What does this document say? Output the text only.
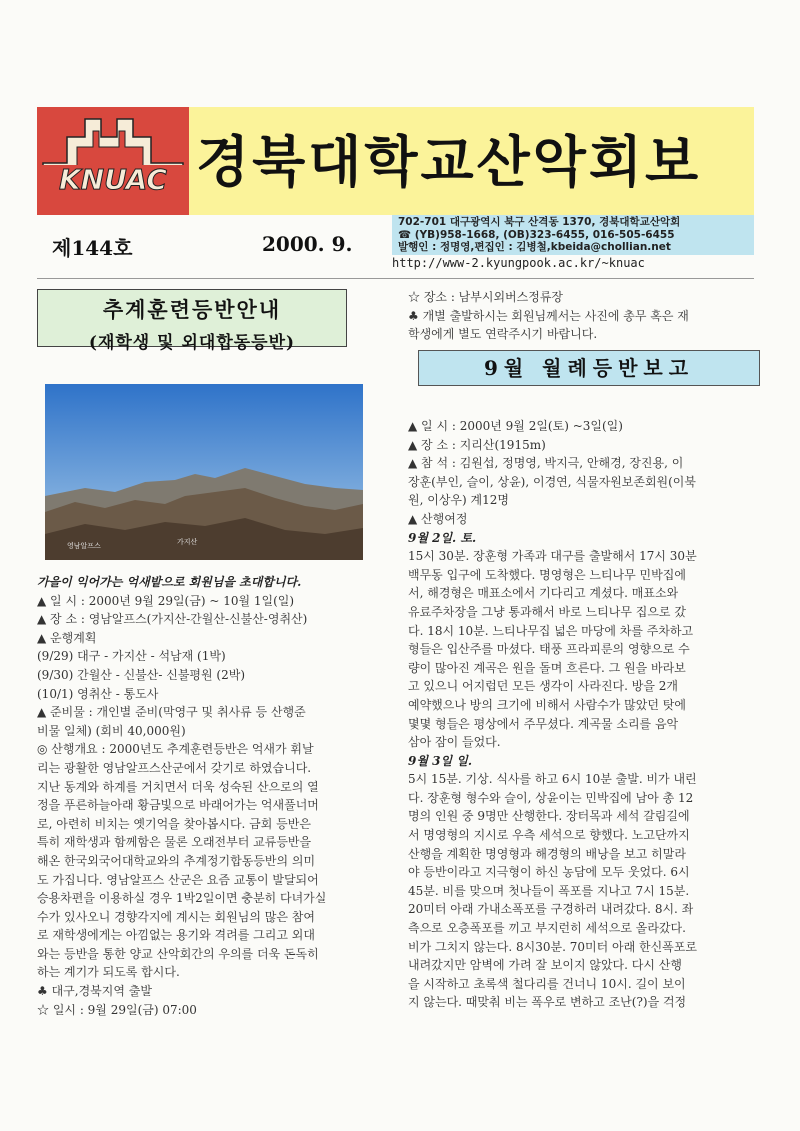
KNUAC 경북대학교산악회보
제144호	2000. 9.
702-701 대구광역시 북구 산격동 1370, 경북대학교산악회
☎ (YB)958-1668, (OB)323-6455, 016-505-6455
발행인 : 정명영,편집인 : 김병철,kbeida@chollian.net
http://www-2.kyungpook.ac.kr/~knuac
추계훈련등반안내
(재학생 및 외대합동등반)
영남알프스	가지산

가을이 익어가는 억새밭으로 회원님을 초대합니다.

▲ 일 시 : 2000년 9월 29일(금) ~ 10월 1일(일)

▲ 장 소 : 영남알프스(가지산-간월산-신불산-영취산)

▲ 운행계획

(9/29) 대구 - 가지산 - 석남재 (1박)

(9/30) 간월산 - 신불산- 신불평원 (2박)

(10/1) 영취산 - 통도사

▲ 준비물 : 개인별 준비(막영구 및 취사류 등 산행준

비물 일체) (회비 40,000원)

◎ 산행개요 : 2000년도 추계훈련등반은 억새가 휘날

리는 광활한 영남알프스산군에서 갖기로 하였습니다.

지난 동계와 하계를 거치면서 더욱 성숙된 산으로의 열

정을 푸른하늘아래 황금빛으로 바래어가는 억새풀너머

로, 아련히 비치는 옛기억을 찾아봅시다. 금회 등반은

특히 재학생과 함께함은 물론 오래전부터 교류등반을

해온 한국외국어대학교와의 추계정기합동등반의 의미

도 가집니다. 영남알프스 산군은 요즘 교통이 발달되어

승용차편을 이용하실 경우 1박2일이면 충분히 다녀가실

수가 있사오니 경향각지에 계시는 회원님의 많은 참여

로 재학생에게는 아낌없는 용기와 격려를 그리고 외대

와는 등반을 통한 양교 산악회간의 우의를 더욱 돈독히

하는 계기가 되도록 합시다.

♣ 대구,경북지역 출발

☆ 일시 : 9월 29일(금) 07:00

☆ 장소 : 남부시외버스정류장

♣ 개별 출발하시는 회원님께서는 사진에 총무 혹은 재

학생에게 별도 연락주시기 바랍니다.

9월 월례등반보고

▲ 일 시 : 2000년 9월 2일(토) ~3일(일)

▲ 장 소 : 지리산(1915m)

▲ 참 석 : 김원섭, 정명영, 박지극, 안해경, 장진용, 이

장훈(부인, 슬이, 상윤), 이경연, 식물자원보존회원(이북

원, 이상우) 계12명

▲ 산행여정

9월 2일. 토.

15시 30분. 장훈형 가족과 대구를 출발해서 17시 30분

백무동 입구에 도착했다. 명영형은 느티나무 민박집에

서, 해경형은 매표소에서 기다리고 계셨다. 매표소와

유료주차장을 그냥 통과해서 바로 느티나무 집으로 갔

다. 18시 10분. 느티나무집 넓은 마당에 차를 주차하고

형들은 입산주를 마셨다. 태풍 프라피룬의 영향으로 수

량이 많아진 계곡은 원을 돌며 흐른다. 그 원을 바라보

고 있으니 어지럽던 모든 생각이 사라진다. 방을 2개

예약했으나 방의 크기에 비해서 사람수가 많았던 탓에

몇몇 형들은 평상에서 주무셨다. 계곡물 소리를 음악

삼아 잠이 들었다.

9월 3일 일.

5시 15분. 기상. 식사를 하고 6시 10분 출발. 비가 내린

다. 장훈형 형수와 슬이, 상윤이는 민박집에 남아 총 12

명의 인원 중 9명만 산행한다. 장터목과 세석 갈림길에

서 명영형의 지시로 우측 세석으로 향했다. 노고단까지

산행을 계획한 명영형과 해경형의 배낭을 보고 히말라

야 등반이라고 지극형이 하신 농담에 모두 웃었다. 6시

45분. 비를 맞으며 첫나들이 폭포를 지나고 7시 15분.

20미터 아래 가내소폭포를 구경하러 내려갔다. 8시. 좌

측으로 오층폭포를 끼고 부지런히 세석으로 올라갔다.

비가 그치지 않는다. 8시30분. 70미터 아래 한신폭포로

내려갔지만 암벽에 가려 잘 보이지 않았다. 다시 산행

을 시작하고 초록색 철다리를 건너니 10시. 길이 보이

지 않는다. 때맞춰 비는 폭우로 변하고 조난(?)을 걱정
